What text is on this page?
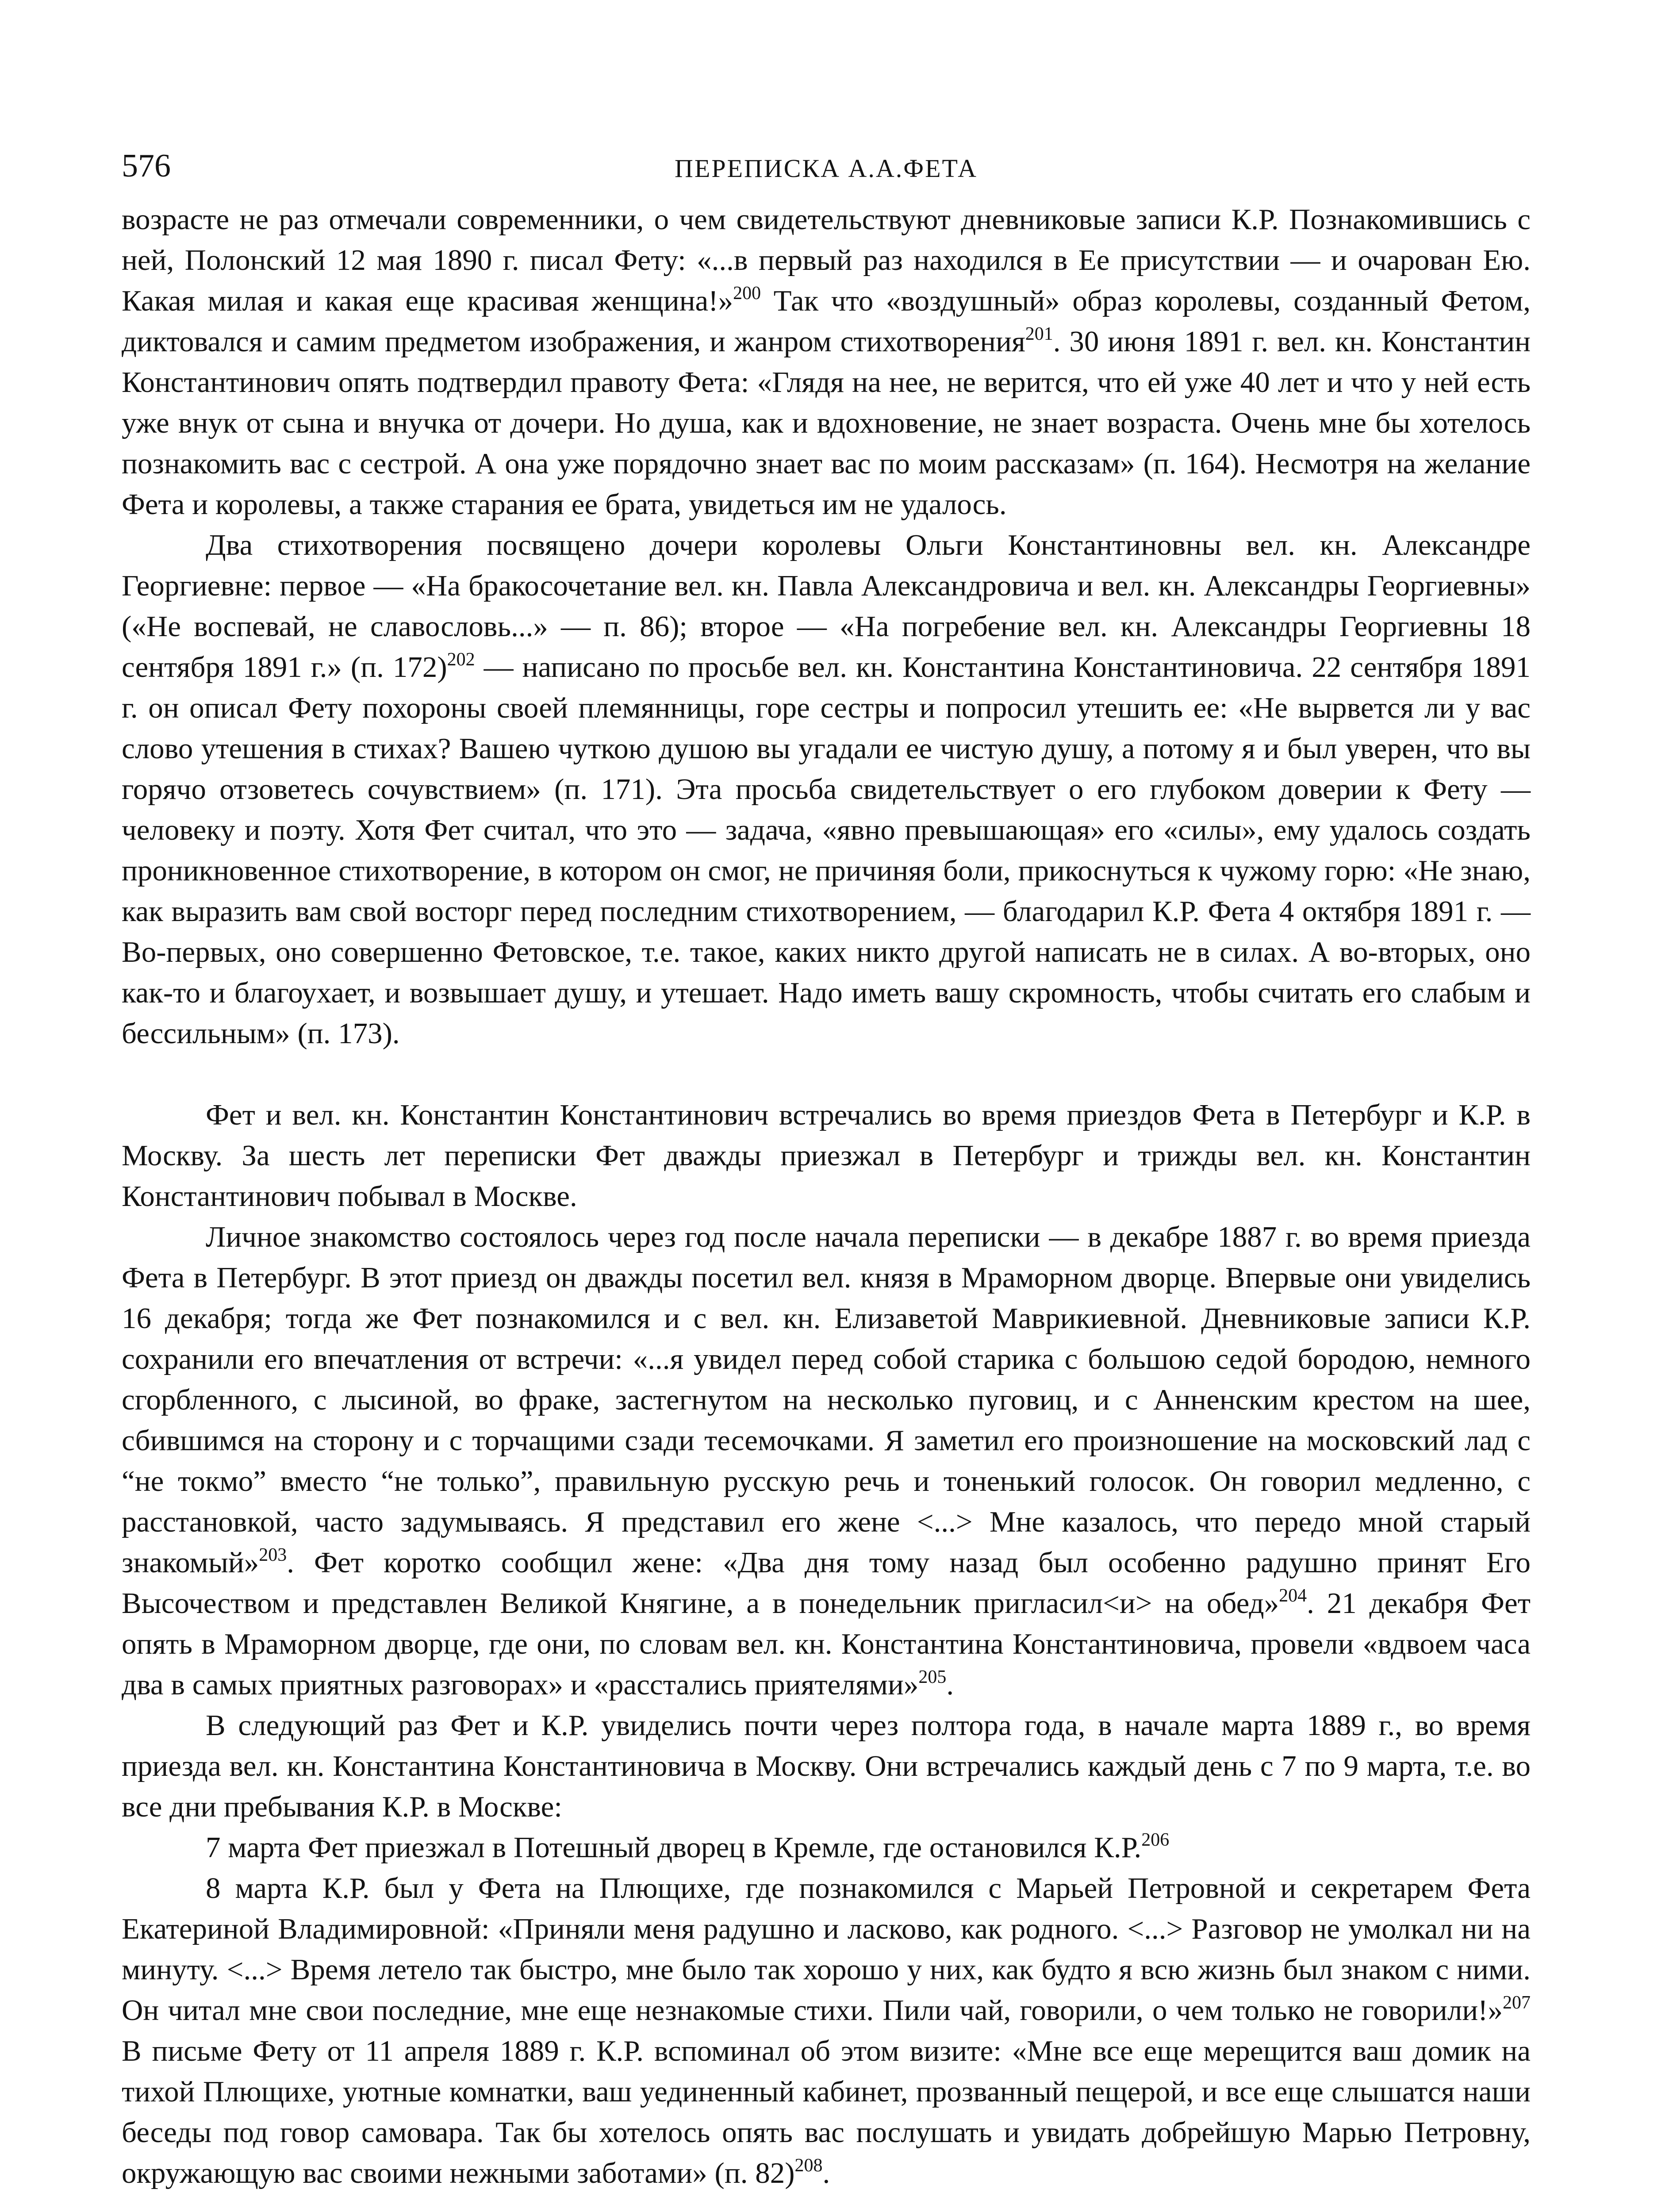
576	ПЕРЕПИСКА А.А.ФЕТА

возрасте не раз отмечали современники, о чем свидетельствуют дневниковые записи К.Р. Познакомившись с ней, Полонский 12 мая 1890 г. писал Фету: «...в первый раз находился в Ее присутствии — и очарован Ею. Какая милая и какая еще красивая женщина!»$^{200}$ Так что «воздушный» образ королевы, созданный Фетом, диктовался и самим предметом изображения, и жанром стихотворения$^{201}$. 30 июня 1891 г. вел. кн. Константин Константинович опять подтвердил правоту Фета: «Глядя на нее, не верится, что ей уже 40 лет и что у ней есть уже внук от сына и внучка от дочери. Но душа, как и вдохновение, не знает возраста. Очень мне бы хотелось познакомить вас с сестрой. А она уже порядочно знает вас по моим рассказам» (п. 164). Несмотря на желание Фета и королевы, а также старания ее брата, увидеться им не удалось.

Два стихотворения посвящено дочери королевы Ольги Константиновны вел. кн. Александре Георгиевне: первое — «На бракосочетание вел. кн. Павла Александровича и вел. кн. Александры Георгиевны» («Не воспевай, не славословь...» — п. 86); второе — «На погребение вел. кн. Александры Георгиевны 18 сентября 1891 г.» (п. 172)$^{202}$ — написано по просьбе вел. кн. Константина Константиновича. 22 сентября 1891 г. он описал Фету похороны своей племянницы, горе сестры и попросил утешить ее: «Не вырвется ли у вас слово утешения в стихах? Вашею чуткою душою вы угадали ее чистую душу, а потому я и был уверен, что вы горячо отзоветесь сочувствием» (п. 171). Эта просьба свидетельствует о его глубоком доверии к Фету — человеку и поэту. Хотя Фет считал, что это — задача, «явно превышающая» его «силы», ему удалось создать проникновенное стихотворение, в котором он смог, не причиняя боли, прикоснуться к чужому горю: «Не знаю, как выразить вам свой восторг перед последним стихотворением, — благодарил К.Р. Фета 4 октября 1891 г. — Во-первых, оно совершенно Фетовское, т.е. такое, каких никто другой написать не в силах. А во-вторых, оно как-то и благоухает, и возвышает душу, и утешает. Надо иметь вашу скромность, чтобы считать его слабым и бессильным» (п. 173).

Фет и вел. кн. Константин Константинович встречались во время приездов Фета в Петербург и К.Р. в Москву. За шесть лет переписки Фет дважды приезжал в Петербург и трижды вел. кн. Константин Константинович побывал в Москве.

Личное знакомство состоялось через год после начала переписки — в декабре 1887 г. во время приезда Фета в Петербург. В этот приезд он дважды посетил вел. князя в Мраморном дворце. Впервые они увиделись 16 декабря; тогда же Фет познакомился и с вел. кн. Елизаветой Маврикиевной. Дневниковые записи К.Р. сохранили его впечатления от встречи: «...я увидел перед собой старика с большою седой бородою, немного сгорбленного, с лысиной, во фраке, застегнутом на несколько пуговиц, и с Анненским крестом на шее, сбившимся на сторону и с торчащими сзади тесемочками. Я заметил его произношение на московский лад с “не токмо” вместо “не только”, правильную русскую речь и тоненький голосок. Он говорил медленно, с расстановкой, часто задумываясь. Я представил его жене <...> Мне казалось, что передо мной старый знакомый»$^{203}$. Фет коротко сообщил жене: «Два дня тому назад был особенно радушно принят Его Высочеством и представлен Великой Княгине, а в понедельник пригласил<и> на обед»$^{204}$. 21 декабря Фет опять в Мраморном дворце, где они, по словам вел. кн. Константина Константиновича, провели «вдвоем часа два в самых приятных разговорах» и «расстались приятелями»$^{205}$.

В следующий раз Фет и К.Р. увиделись почти через полтора года, в начале марта 1889 г., во время приезда вел. кн. Константина Константиновича в Москву. Они встречались каждый день с 7 по 9 марта, т.е. во все дни пребывания К.Р. в Москве:

7 марта Фет приезжал в Потешный дворец в Кремле, где остановился К.Р.$^{206}$

8 марта К.Р. был у Фета на Плющихе, где познакомился с Марьей Петровной и секретарем Фета Екатериной Владимировной: «Приняли меня радушно и ласково, как родного. <...> Разговор не умолкал ни на минуту. <...> Время летело так быстро, мне было так хорошо у них, как будто я всю жизнь был знаком с ними. Он читал мне свои последние, мне еще незнакомые стихи. Пили чай, говорили, о чем только не говорили!»$^{207}$ В письме Фету от 11 апреля 1889 г. К.Р. вспоминал об этом визите: «Мне все еще мерещится ваш домик на тихой Плющихе, уютные комнатки, ваш уединенный кабинет, прозванный пещерой, и все еще слышатся наши беседы под говор самовара. Так бы хотелось опять вас послушать и увидать добрейшую Марью Петровну, окружающую вас своими нежными заботами» (п. 82)$^{208}$.
